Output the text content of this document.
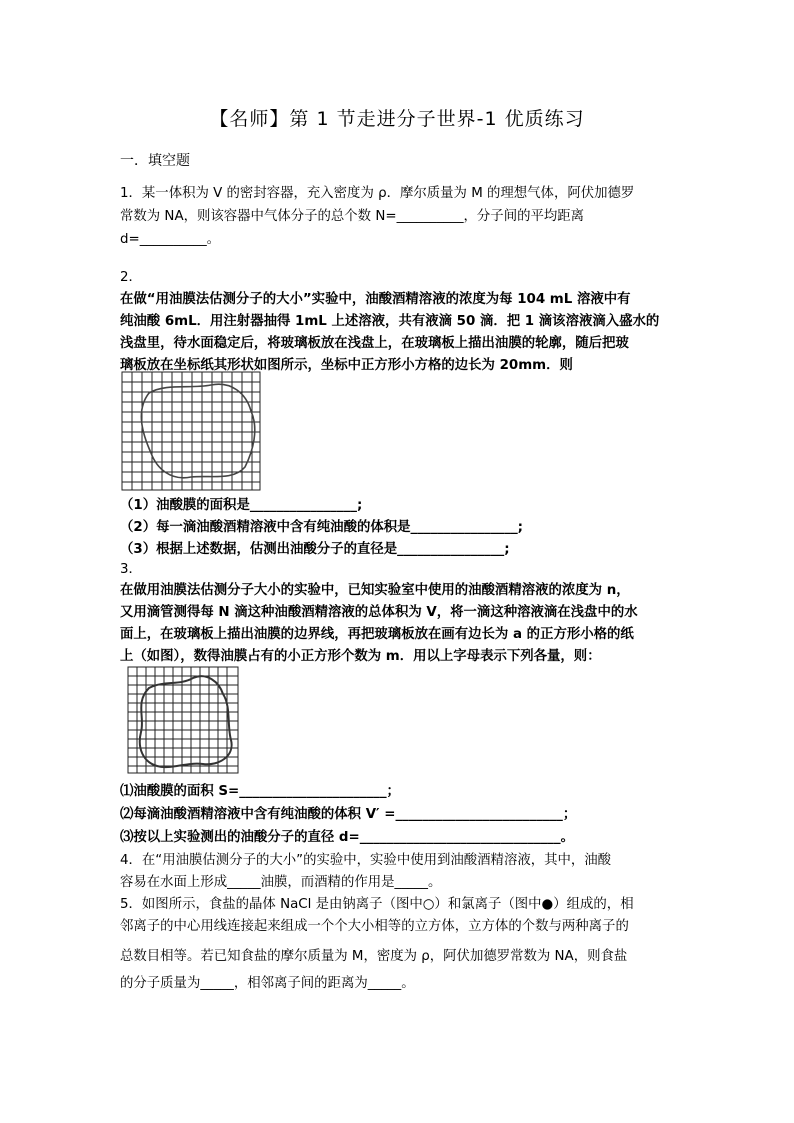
【名师】第 1 节走进分子世界-1 优质练习
一．填空题
1．某一体积为 V 的密封容器，充入密度为 ρ．摩尔质量为 M 的理想气体，阿伏加德罗
常数为 NA，则该容器中气体分子的总个数 N=__________，分子间的平均距离
d=__________。
2．
在做“用油膜法估测分子的大小”实验中，油酸酒精溶液的浓度为每 104 mL 溶液中有
纯油酸 6mL．用注射器抽得 1mL 上述溶液，共有液滴 50 滴．把 1 滴该溶液滴入盛水的
浅盘里，待水面稳定后，将玻璃板放在浅盘上，在玻璃板上描出油膜的轮廓，随后把玻
璃板放在坐标纸其形状如图所示，坐标中正方形小方格的边长为 20mm．则
（1）油酸膜的面积是________________;
（2）每一滴油酸酒精溶液中含有纯油酸的体积是________________;
（3）根据上述数据，估测出油酸分子的直径是________________;
3．
在做用油膜法估测分子大小的实验中，已知实验室中使用的油酸酒精溶液的浓度为 n，
又用滴管测得每 N 滴这种油酸酒精溶液的总体积为 V，将一滴这种溶液滴在浅盘中的水
面上，在玻璃板上描出油膜的边界线，再把玻璃板放在画有边长为 a 的正方形小格的纸
上（如图），数得油膜占有的小正方形个数为 m．用以上字母表示下列各量，则：
⑴油酸膜的面积 S=______________________；
⑵每滴油酸酒精溶液中含有纯油酸的体积 V′ =_________________________；
⑶按以上实验测出的油酸分子的直径 d=______________________________。
4．在“用油膜估测分子的大小”的实验中，实验中使用到油酸酒精溶液，其中，油酸
容易在水面上形成_____油膜，而酒精的作用是_____。
5．如图所示，食盐的晶体 NaCl 是由钠离子（图中○）和氯离子（图中●）组成的，相
邻离子的中心用线连接起来组成一个个大小相等的立方体，立方体的个数与两种离子的
总数目相等。若已知食盐的摩尔质量为 M，密度为 ρ，阿伏加德罗常数为 NA，则食盐
的分子质量为_____，相邻离子间的距离为_____。
